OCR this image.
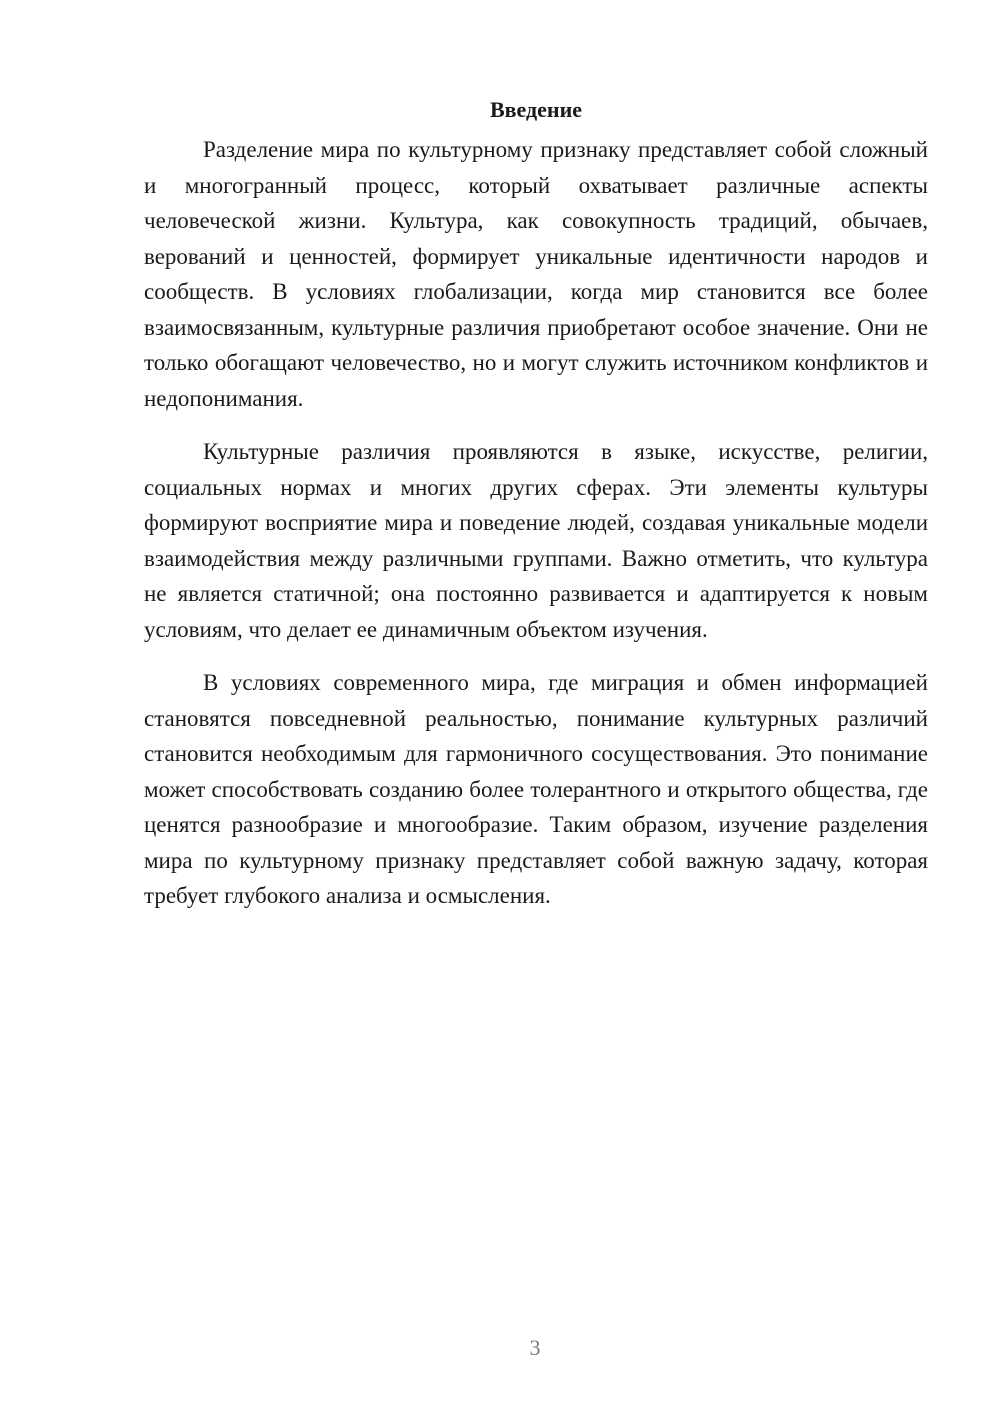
Введение

Разделение мира по культурному признаку представляет собой сложный и многогранный процесс, который охватывает различные аспекты человеческой жизни. Культура, как совокупность традиций, обычаев, верований и ценностей, формирует уникальные идентичности народов и сообществ. В условиях глобализации, когда мир становится все более взаимосвязанным, культурные различия приобретают особое значение. Они не только обогащают человечество, но и могут служить источником конфликтов и недопонимания.

Культурные различия проявляются в языке, искусстве, религии, социальных нормах и многих других сферах. Эти элементы культуры формируют восприятие мира и поведение людей, создавая уникальные модели взаимодействия между различными группами. Важно отметить, что культура не является статичной; она постоянно развивается и адаптируется к новым условиям, что делает ее динамичным объектом изучения.

В условиях современного мира, где миграция и обмен информацией становятся повседневной реальностью, понимание культурных различий становится необходимым для гармоничного сосуществования. Это понимание может способствовать созданию более толерантного и открытого общества, где ценятся разнообразие и многообразие. Таким образом, изучение разделения мира по культурному признаку представляет собой важную задачу, которая требует глубокого анализа и осмысления.

3
